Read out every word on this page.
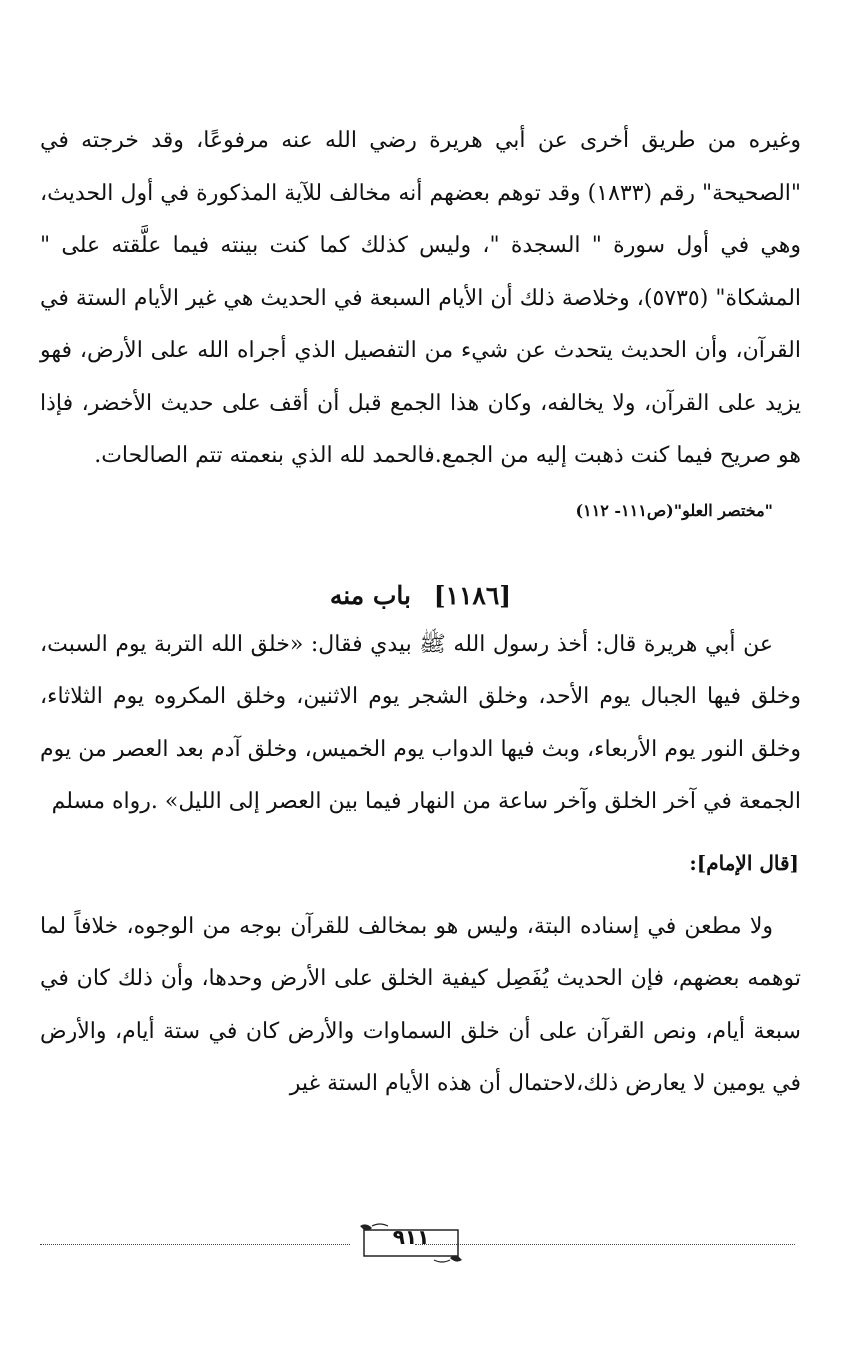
وغيره من طريق أخرى عن أبي هريرة رضي الله عنه مرفوعًا، وقد خرجته في "الصحيحة" رقم (١٨٣٣) وقد توهم بعضهم أنه مخالف للآية المذكورة في أول الحديث، وهي في أول سورة " السجدة "، وليس كذلك كما كنت بينته فيما علَّقته على " المشكاة" (٥٧٣٥)، وخلاصة ذلك أن الأيام السبعة في الحديث هي غير الأيام الستة في القرآن، وأن الحديث يتحدث عن شيء من التفصيل الذي أجراه الله على الأرض، فهو يزيد على القرآن، ولا يخالفه، وكان هذا الجمع قبل أن أقف على حديث الأخضر، فإذا هو صريح فيما كنت ذهبت إليه من الجمع.فالحمد لله الذي بنعمته تتم الصالحات.

"مختصر العلو"(ص١١١- ١١٢)

[١١٨٦] باب منه

عن أبي هريرة قال: أخذ رسول الله ﷺ بيدي فقال: «خلق الله التربة يوم السبت، وخلق فيها الجبال يوم الأحد، وخلق الشجر يوم الاثنين، وخلق المكروه يوم الثلاثاء، وخلق النور يوم الأربعاء، وبث فيها الدواب يوم الخميس، وخلق آدم بعد العصر من يوم الجمعة في آخر الخلق وآخر ساعة من النهار فيما بين العصر إلى الليل» .رواه مسلم

[قال الإمام]:

ولا مطعن في إسناده البتة، وليس هو بمخالف للقرآن بوجه من الوجوه، خلافاً لما توهمه بعضهم، فإن الحديث يُفَصِل كيفية الخلق على الأرض وحدها، وأن ذلك كان في سبعة أيام، ونص القرآن على أن خلق السماوات والأرض كان في ستة أيام، والأرض في يومين لا يعارض ذلك،لاحتمال أن هذه الأيام الستة غير

٩١١
